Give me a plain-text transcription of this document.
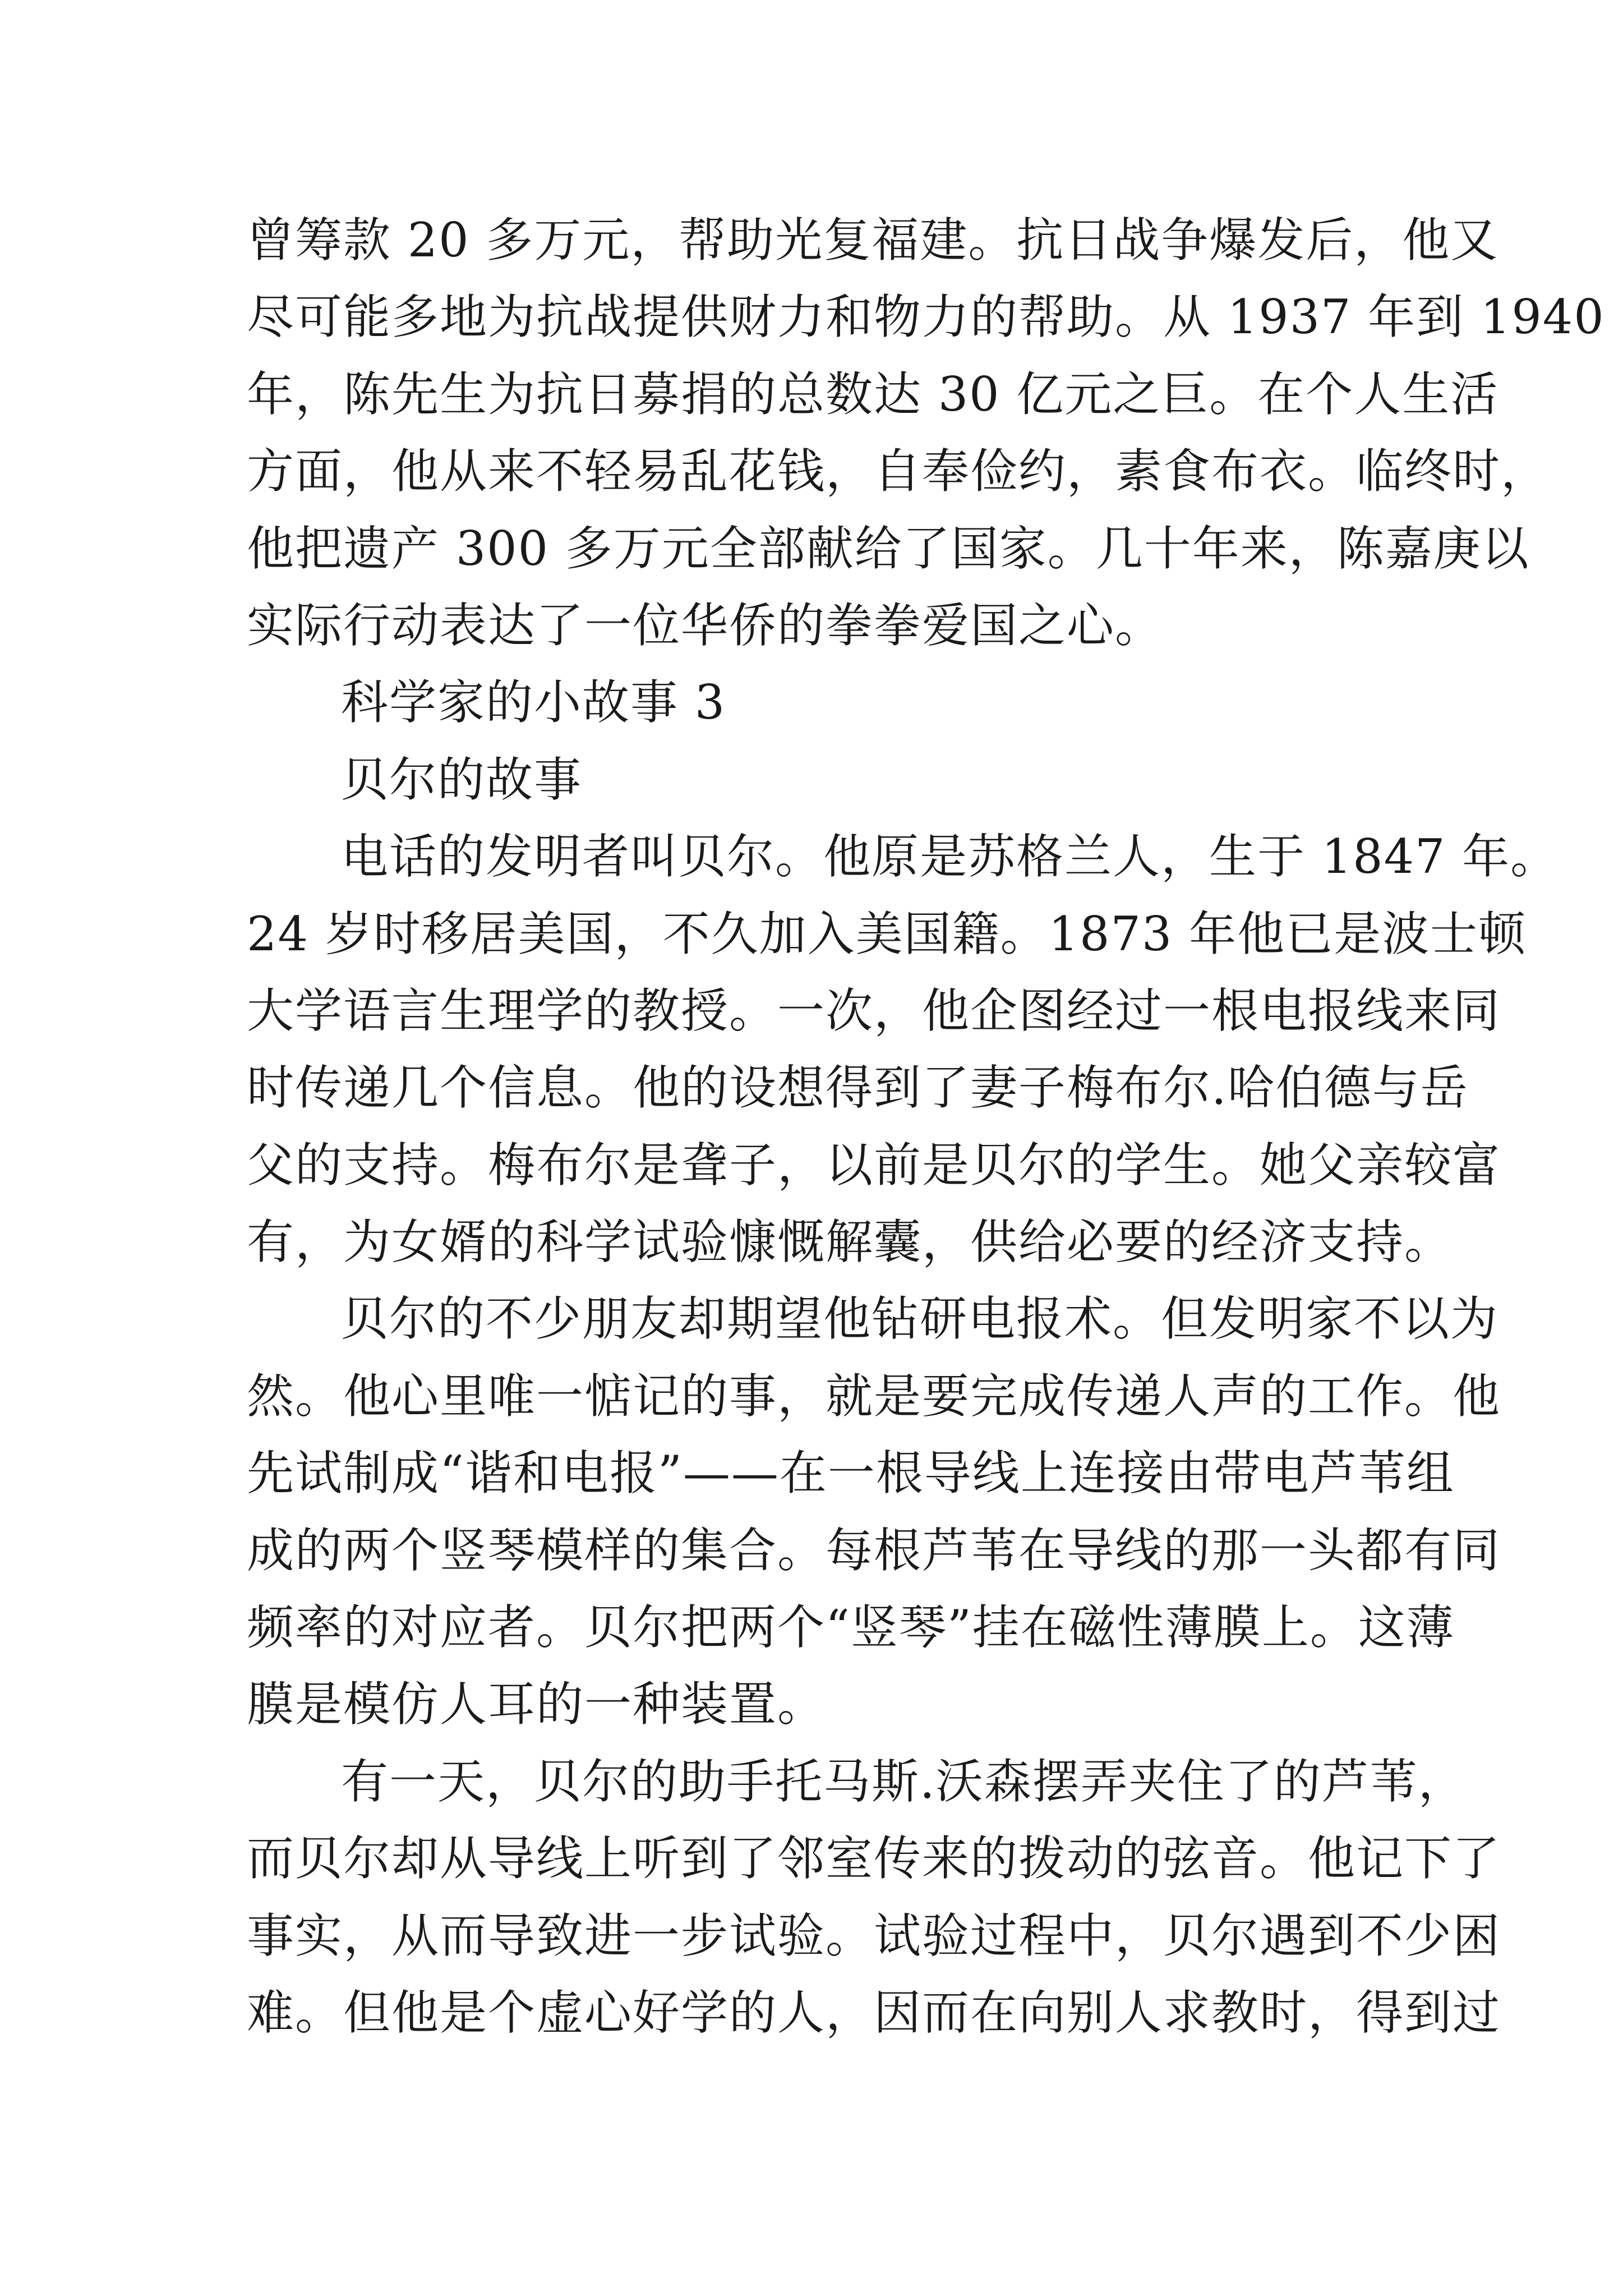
曾筹款 20 多万元，帮助光复福建。抗日战争爆发后，他又
尽可能多地为抗战提供财力和物力的帮助。从 1937 年到 1940
年，陈先生为抗日募捐的总数达 30 亿元之巨。在个人生活
方面，他从来不轻易乱花钱，自奉俭约，素食布衣。临终时，
他把遗产 300 多万元全部献给了国家。几十年来，陈嘉庚以
实际行动表达了一位华侨的拳拳爱国之心。
科学家的小故事 3
贝尔的故事
电话的发明者叫贝尔。他原是苏格兰人，生于 1847 年。
24 岁时移居美国，不久加入美国籍。1873 年他已是波士顿
大学语言生理学的教授。一次，他企图经过一根电报线来同
时传递几个信息。他的设想得到了妻子梅布尔.哈伯德与岳
父的支持。梅布尔是聋子，以前是贝尔的学生。她父亲较富
有，为女婿的科学试验慷慨解囊，供给必要的经济支持。
贝尔的不少朋友却期望他钻研电报术。但发明家不以为
然。他心里唯一惦记的事，就是要完成传递人声的工作。他
先试制成“谐和电报”——在一根导线上连接由带电芦苇组
成的两个竖琴模样的集合。每根芦苇在导线的那一头都有同
频率的对应者。贝尔把两个“竖琴”挂在磁性薄膜上。这薄
膜是模仿人耳的一种装置。
有一天，贝尔的助手托马斯.沃森摆弄夹住了的芦苇，
而贝尔却从导线上听到了邻室传来的拨动的弦音。他记下了
事实，从而导致进一步试验。试验过程中，贝尔遇到不少困
难。但他是个虚心好学的人，因而在向别人求教时，得到过
